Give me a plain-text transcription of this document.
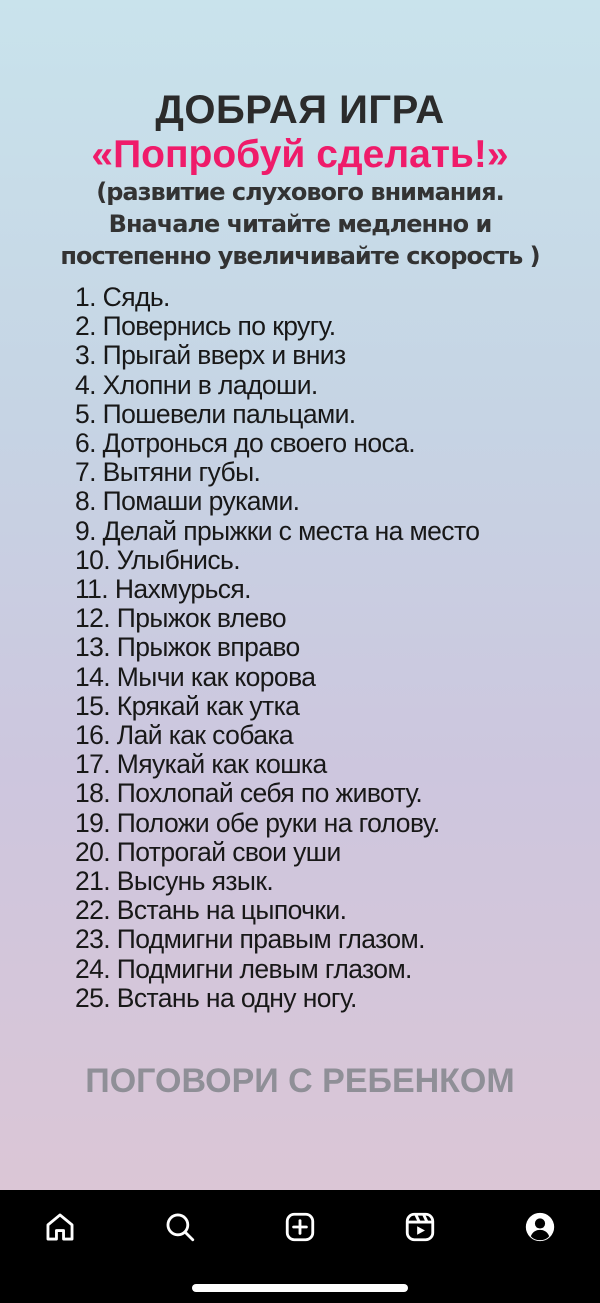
ДОБРАЯ ИГРА
«Попробуй сделать!»
(развитие слухового внимания.
Вначале читайте медленно и
постепенно увеличивайте скорость )
1. Сядь.
2. Повернись по кругу.
3. Прыгай вверх и вниз
4. Хлопни в ладоши.
5. Пошевели пальцами.
6. Дотронься до своего носа.
7. Вытяни губы.
8. Помаши руками.
9. Делай прыжки с места на место
10. Улыбнись.
11. Нахмурься.
12. Прыжок влево
13. Прыжок вправо
14. Мычи как корова
15. Крякай как утка
16. Лай как собака
17. Мяукай как кошка
18. Похлопай себя по животу.
19. Положи обе руки на голову.
20. Потрогай свои уши
21. Высунь язык.
22. Встань на цыпочки.
23. Подмигни правым глазом.
24. Подмигни левым глазом.
25. Встань на одну ногу.
ПОГОВОРИ С РЕБЕНКОМ
